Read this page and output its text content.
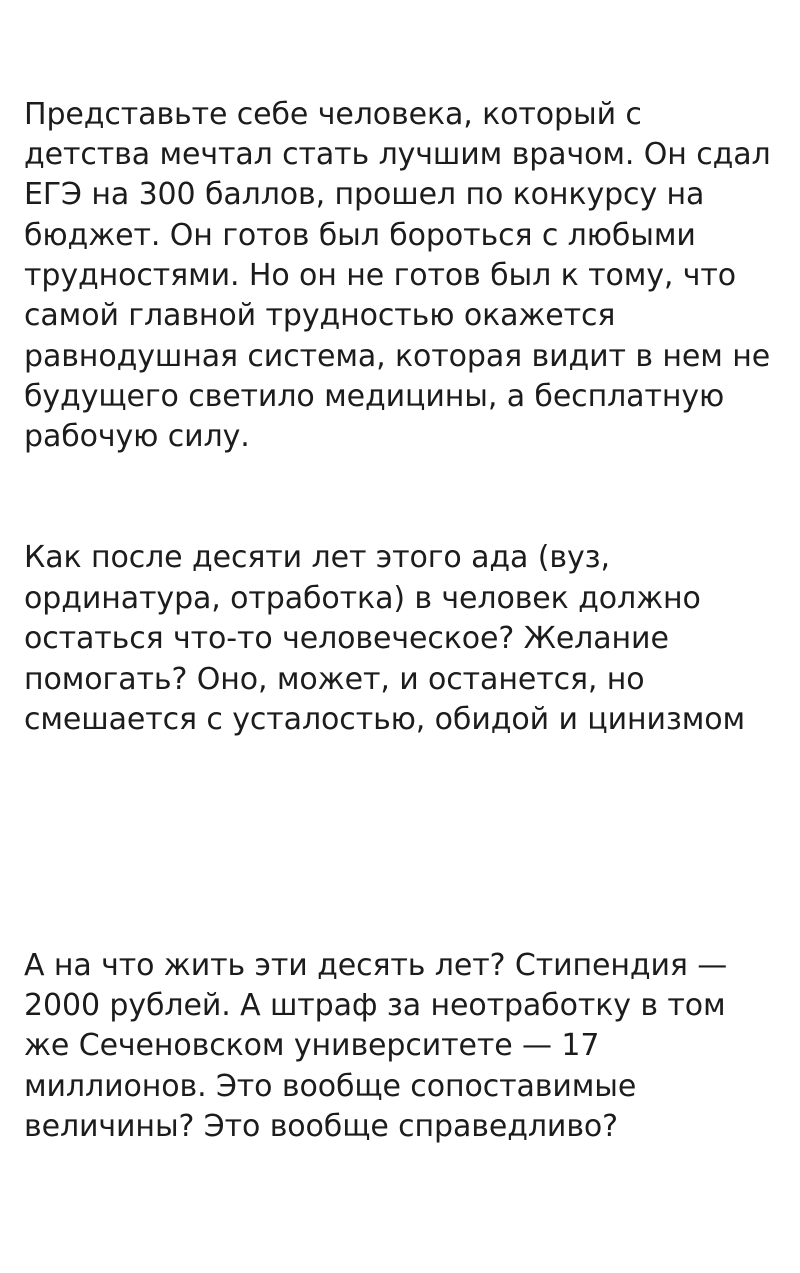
Представьте себе человека, который с детства мечтал стать лучшим врачом. Он сдал ЕГЭ на 300 баллов, прошел по конкурсу на бюджет. Он готов был бороться с любыми трудностями. Но он не готов был к тому, что самой главной трудностью окажется равнодушная система, которая видит в нем не будущего светило медицины, а бесплатную рабочую силу.

Как после десяти лет этого ада (вуз, ординатура, отработка) в человек должно остаться что-то человеческое? Желание помогать? Оно, может, и останется, но смешается с усталостью, обидой и цинизмом

А на что жить эти десять лет? Стипендия — 2000 рублей. А штраф за неотработку в том же Сеченовском университете — 17 миллионов. Это вообще сопоставимые величины? Это вообще справедливо?
